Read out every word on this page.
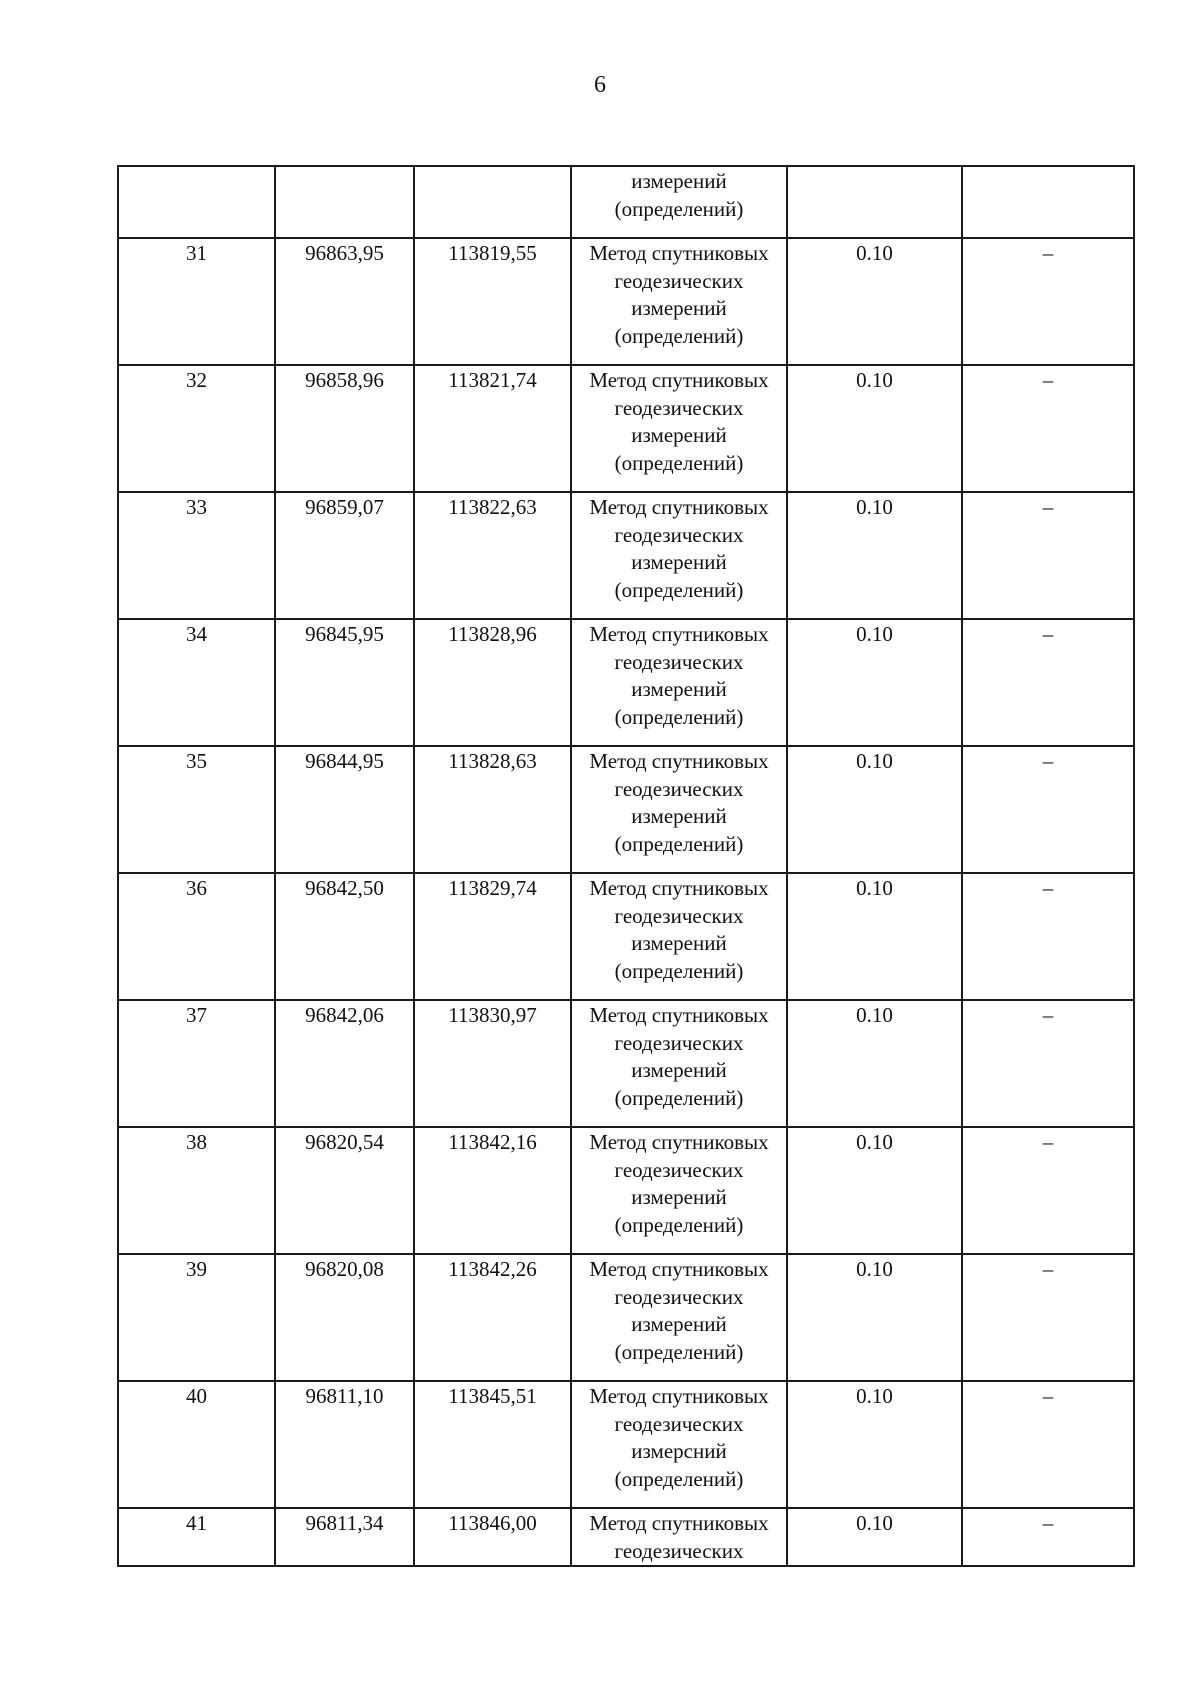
6
			измерений
(определений)		
31	96863,95	113819,55	Метод спутниковых
геодезических
измерений
(определений)	0.10	–
32	96858,96	113821,74	Метод спутниковых
геодезических
измерений
(определений)	0.10	–
33	96859,07	113822,63	Метод спутниковых
геодезических
измерений
(определений)	0.10	–
34	96845,95	113828,96	Метод спутниковых
геодезических
измерений
(определений)	0.10	–
35	96844,95	113828,63	Метод спутниковых
геодезических
измерений
(определений)	0.10	–
36	96842,50	113829,74	Метод спутниковых
геодезических
измерений
(определений)	0.10	–
37	96842,06	113830,97	Метод спутниковых
геодезических
измерений
(определений)	0.10	–
38	96820,54	113842,16	Метод спутниковых
геодезических
измерений
(определений)	0.10	–
39	96820,08	113842,26	Метод спутниковых
геодезических
измерений
(определений)	0.10	–
40	96811,10	113845,51	Метод спутниковых
геодезических
измерсний
(определений)	0.10	–
41	96811,34	113846,00	Метод спутниковых
геодезических	0.10	–
